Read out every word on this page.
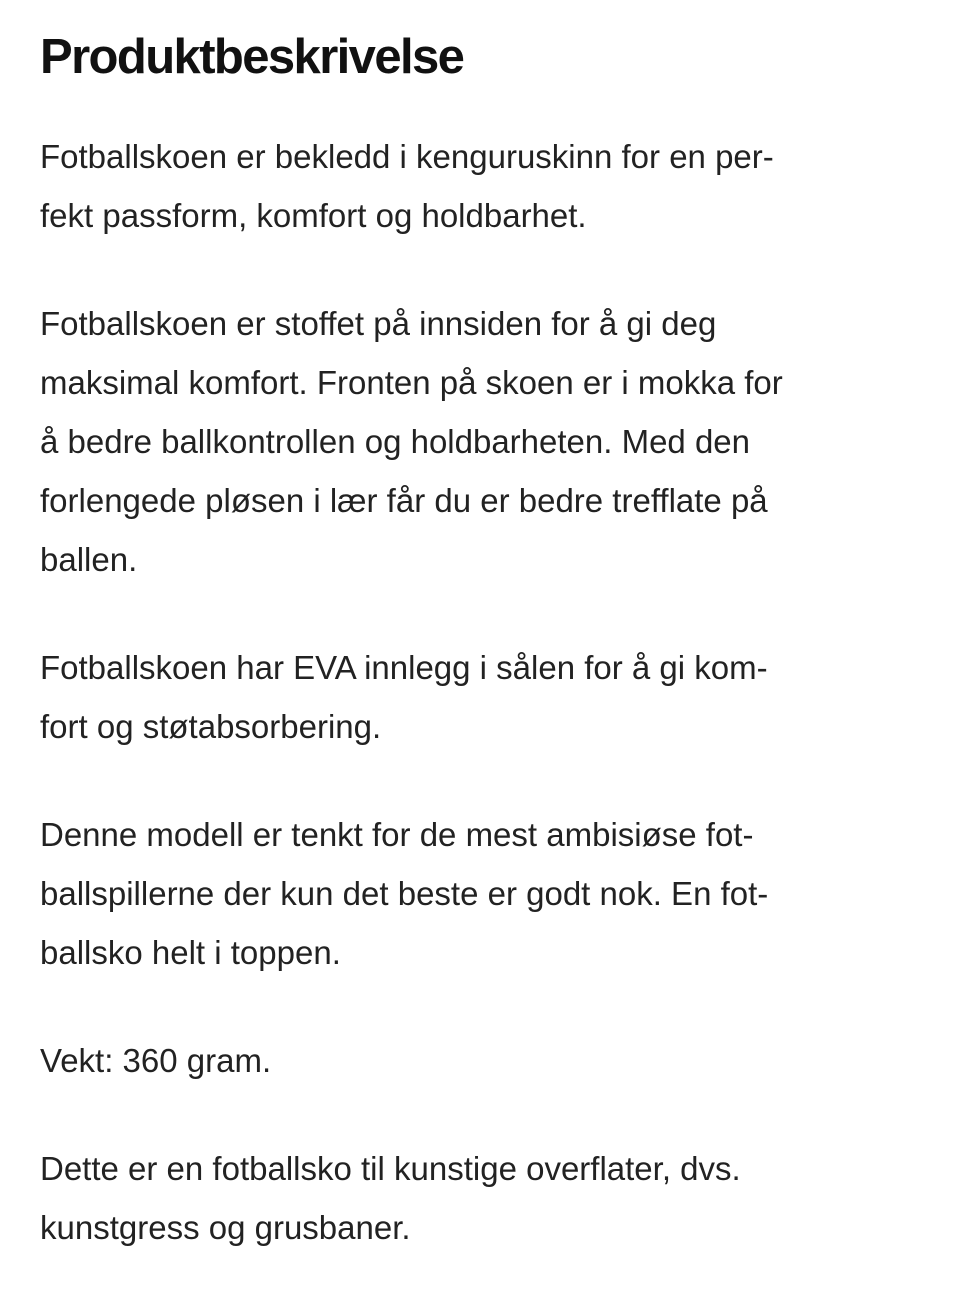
Produktbeskrivelse

Fotballskoen er bekledd i kenguruskinn for en per-
fekt passform, komfort og holdbarhet.

Fotballskoen er stoffet på innsiden for å gi deg
maksimal komfort. Fronten på skoen er i mokka for
å bedre ballkontrollen og holdbarheten. Med den
forlengede pløsen i lær får du er bedre trefflate på
ballen.

Fotballskoen har EVA innlegg i sålen for å gi kom-
fort og støtabsorbering.

Denne modell er tenkt for de mest ambisiøse fot-
ballspillerne der kun det beste er godt nok. En fot-
ballsko helt i toppen.

Vekt: 360 gram.

Dette er en fotballsko til kunstige overflater, dvs.
kunstgress og grusbaner.
